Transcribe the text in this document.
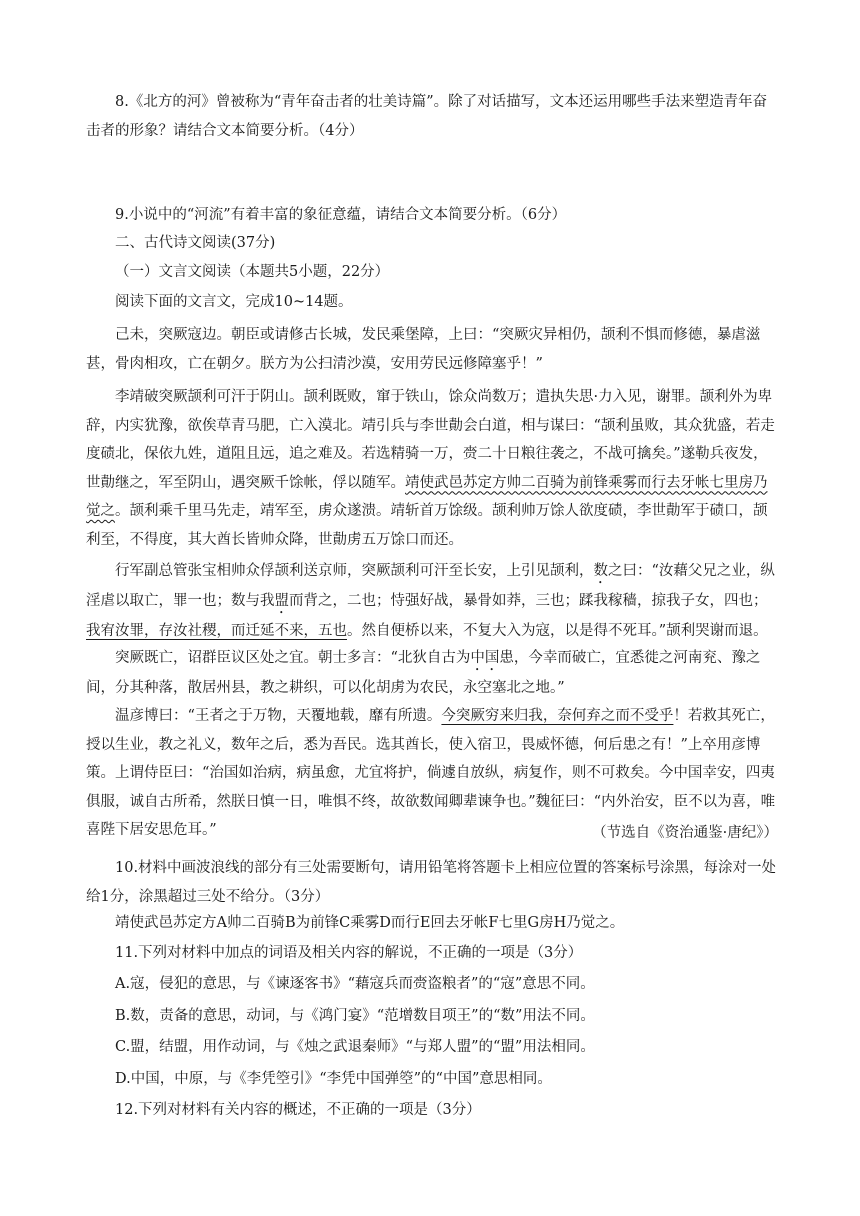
8.《北方的河》曾被称为“青年奋击者的壮美诗篇”。除了对话描写，文本还运用哪些手法来塑造青年奋击者的形象？请结合文本简要分析。（4分）

9.小说中的“河流”有着丰富的象征意蕴，请结合文本简要分析。（6分）

二、古代诗文阅读(37分)

（一）文言文阅读（本题共5小题，22分）

阅读下面的文言文，完成10~14题。

己未，突厥寇边。朝臣或请修古长城，发民乘堡障，上曰：“突厥灾异相仍，颉利不惧而修德，暴虐滋甚，骨肉相攻，亡在朝夕。朕方为公扫清沙漠，安用劳民远修障塞乎！”

李靖破突厥颉利可汗于阴山。颉利既败，窜于铁山，馀众尚数万；遣执失思·力入见，谢罪。颉利外为卑辞，内实犹豫，欲俟草青马肥，亡入漠北。靖引兵与李世勣会白道，相与谋曰：“颉利虽败，其众犹盛，若走度碛北，保依九姓，道阻且远，追之难及。若选精骑一万，赍二十日粮往袭之，不战可擒矣。”遂勒兵夜发，世勣继之，军至阴山，遇突厥千馀帐，俘以随军。靖使武邑苏定方帅二百骑为前锋乘雾而行去牙帐七里房乃觉之。颉利乘千里马先走，靖军至，虏众遂溃。靖斩首万馀级。颉利帅万馀人欲度碛，李世勣军于碛口，颉利至，不得度，其大酋长皆帅众降，世勣虏五万馀口而还。

行军副总管张宝相帅众俘颉利送京师，突厥颉利可汗至长安，上引见颉利，数之曰：“汝藉父兄之业，纵淫虐以取亡，罪一也；数与我盟而背之，二也；恃强好战，暴骨如莽，三也；蹂我稼穑，掠我子女，四也；我宥汝罪，存汝社稷，而迁延不来，五也。然自便桥以来，不复大入为寇，以是得不死耳。”颉利哭谢而退。

突厥既亡，诏群臣议区处之宜。朝士多言：“北狄自古为中国患，今幸而破亡，宜悉徙之河南兖、豫之间，分其种落，散居州县，教之耕织，可以化胡虏为农民，永空塞北之地。”

温彦博曰：“王者之于万物，天覆地载，靡有所遗。今突厥穷来归我，奈何弃之而不受乎！若救其死亡，授以生业，教之礼义，数年之后，悉为吾民。选其酋长，使入宿卫，畏威怀德，何后患之有！”上卒用彦博策。上谓侍臣曰：“治国如治病，病虽愈，尤宜将护，倘遽自放纵，病复作，则不可救矣。今中国幸安，四夷俱服，诚自古所希，然朕日慎一日，唯惧不终，故欲数闻卿辈谏争也。”魏征曰：“内外治安，臣不以为喜，唯喜陛下居安思危耳。”	（节选自《资治通鉴·唐纪》）

10.材料中画波浪线的部分有三处需要断句，请用铅笔将答题卡上相应位置的答案标号涂黑，每涂对一处给1分，涂黑超过三处不给分。（3分）

靖使武邑苏定方A帅二百骑B为前锋C乘雾D而行E回去牙帐F七里G房H乃觉之。

11.下列对材料中加点的词语及相关内容的解说，不正确的一项是（3分）

A.寇，侵犯的意思，与《谏逐客书》“藉寇兵而赍盗粮者”的“寇”意思不同。

B.数，责备的意思，动词，与《鸿门宴》“范增数目项王”的“数”用法不同。

C.盟，结盟，用作动词，与《烛之武退秦师》“与郑人盟”的“盟”用法相同。

D.中国，中原，与《李凭箜引》“李凭中国弹箜”的“中国”意思相同。

12.下列对材料有关内容的概述，不正确的一项是（3分）
